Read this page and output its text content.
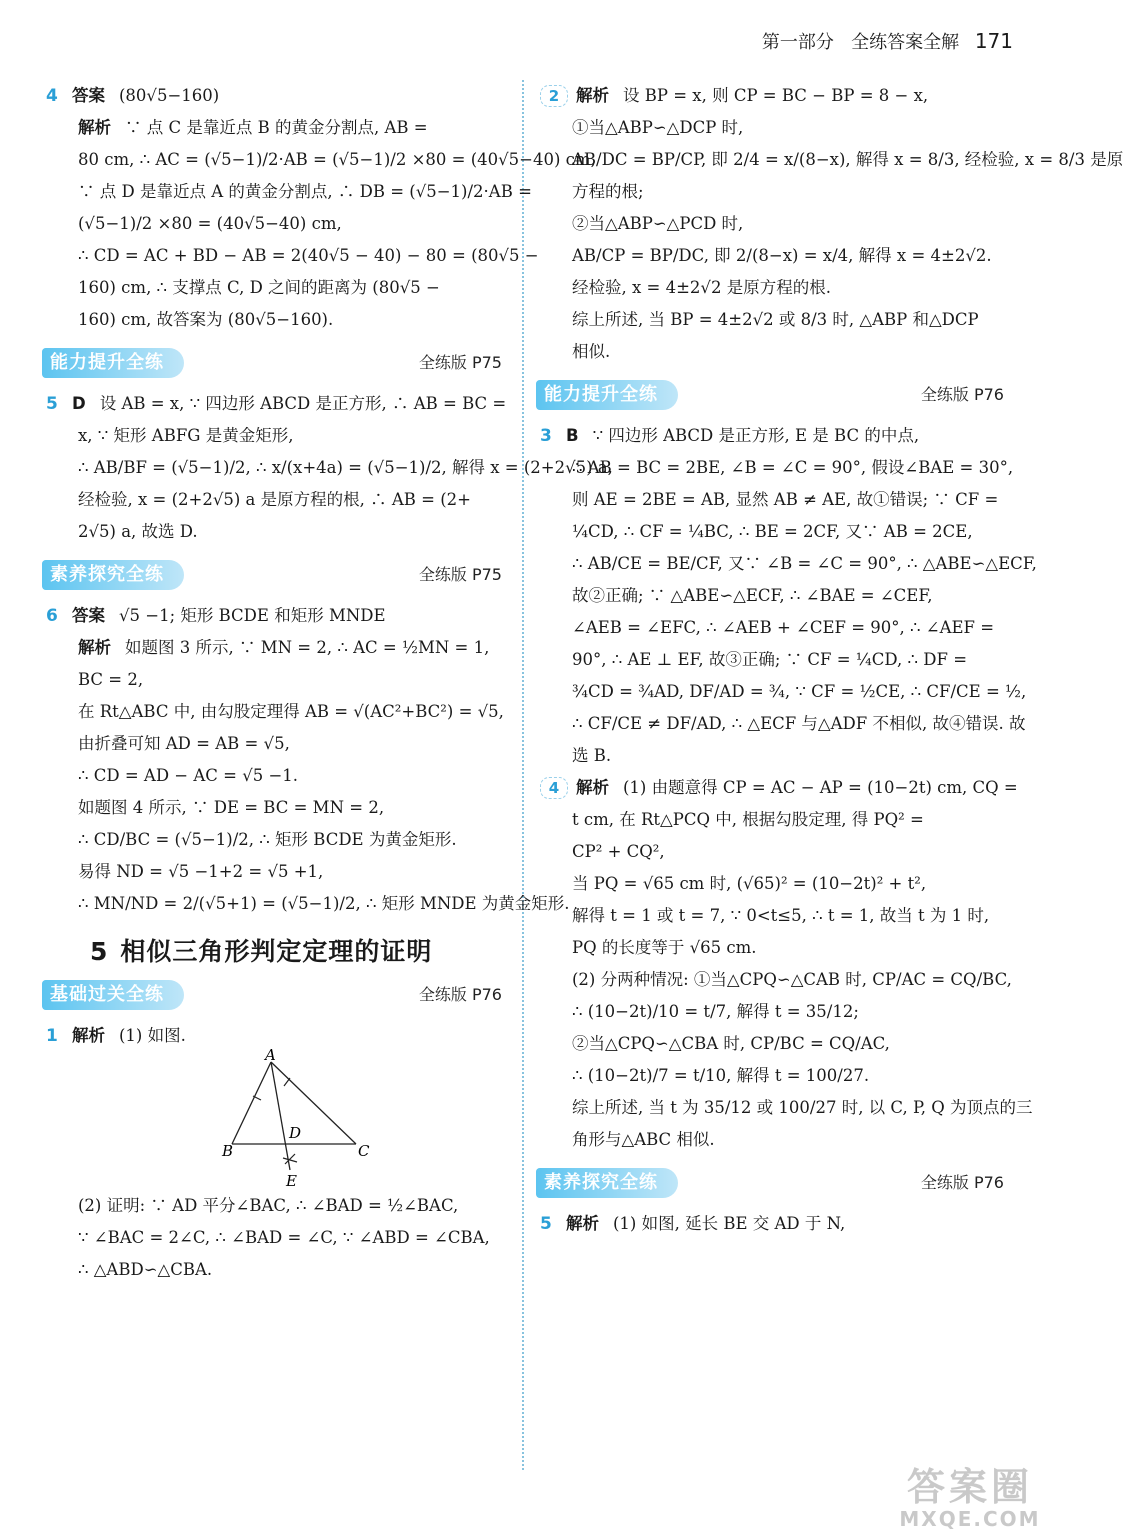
第一部分 全练答案全解 171
4 答案 (80√5−160)
解析 ∵ 点 C 是靠近点 B 的黄金分割点, AB =
80 cm, ∴ AC = (√5−1)/2·AB = (√5−1)/2 ×80 = (40√5−40) cm,
∵ 点 D 是靠近点 A 的黄金分割点, ∴ DB = (√5−1)/2·AB =
(√5−1)/2 ×80 = (40√5−40) cm,
∴ CD = AC + BD − AB = 2(40√5 − 40) − 80 = (80√5 −
160) cm, ∴ 支撑点 C, D 之间的距离为 (80√5 −
160) cm, 故答案为 (80√5−160).
能力提升全练	全练版 P75
5 D 设 AB = x, ∵ 四边形 ABCD 是正方形, ∴ AB = BC =
x, ∵ 矩形 ABFG 是黄金矩形,
∴ AB/BF = (√5−1)/2, ∴ x/(x+4a) = (√5−1)/2, 解得 x = (2+2√5) a,
经检验, x = (2+2√5) a 是原方程的根, ∴ AB = (2+
2√5) a, 故选 D.
素养探究全练	全练版 P75
6 答案 √5 −1; 矩形 BCDE 和矩形 MNDE
解析 如题图 3 所示, ∵ MN = 2, ∴ AC = ½MN = 1,
BC = 2,
在 Rt△ABC 中, 由勾股定理得 AB = √(AC²+BC²) = √5,
由折叠可知 AD = AB = √5,
∴ CD = AD − AC = √5 −1.
如题图 4 所示, ∵ DE = BC = MN = 2,
∴ CD/BC = (√5−1)/2, ∴ 矩形 BCDE 为黄金矩形.
易得 ND = √5 −1+2 = √5 +1,
∴ MN/ND = 2/(√5+1) = (√5−1)/2, ∴ 矩形 MNDE 为黄金矩形.
5 相似三角形判定定理的证明
基础过关全练	全练版 P76
1 解析 (1) 如图.
A
B	C
D
E
(2) 证明: ∵ AD 平分∠BAC, ∴ ∠BAD = ½∠BAC,
∵ ∠BAC = 2∠C, ∴ ∠BAD = ∠C, ∵ ∠ABD = ∠CBA,
∴ △ABD∽△CBA.
2 解析 设 BP = x, 则 CP = BC − BP = 8 − x,
①当△ABP∽△DCP 时,
AB/DC = BP/CP, 即 2/4 = x/(8−x), 解得 x = 8/3, 经检验, x = 8/3 是原
方程的根;
②当△ABP∽△PCD 时,
AB/CP = BP/DC, 即 2/(8−x) = x/4, 解得 x = 4±2√2.
经检验, x = 4±2√2 是原方程的根.
综上所述, 当 BP = 4±2√2 或 8/3 时, △ABP 和△DCP
相似.
能力提升全练	全练版 P76
3 B ∵ 四边形 ABCD 是正方形, E 是 BC 的中点,
∴ AB = BC = 2BE, ∠B = ∠C = 90°, 假设∠BAE = 30°,
则 AE = 2BE = AB, 显然 AB ≠ AE, 故①错误; ∵ CF =
¼CD, ∴ CF = ¼BC, ∴ BE = 2CF, 又∵ AB = 2CE,
∴ AB/CE = BE/CF, 又∵ ∠B = ∠C = 90°, ∴ △ABE∽△ECF,
故②正确; ∵ △ABE∽△ECF, ∴ ∠BAE = ∠CEF,
∠AEB = ∠EFC, ∴ ∠AEB + ∠CEF = 90°, ∴ ∠AEF =
90°, ∴ AE ⊥ EF, 故③正确; ∵ CF = ¼CD, ∴ DF =
¾CD = ¾AD, DF/AD = ¾, ∵ CF = ½CE, ∴ CF/CE = ½,
∴ CF/CE ≠ DF/AD, ∴ △ECF 与△ADF 不相似, 故④错误. 故
选 B.
4 解析 (1) 由题意得 CP = AC − AP = (10−2t) cm, CQ =
t cm, 在 Rt△PCQ 中, 根据勾股定理, 得 PQ² =
CP² + CQ²,
当 PQ = √65 cm 时, (√65)² = (10−2t)² + t²,
解得 t = 1 或 t = 7, ∵ 0<t≤5, ∴ t = 1, 故当 t 为 1 时,
PQ 的长度等于 √65 cm.
(2) 分两种情况: ①当△CPQ∽△CAB 时, CP/AC = CQ/BC,
∴ (10−2t)/10 = t/7, 解得 t = 35/12;
②当△CPQ∽△CBA 时, CP/BC = CQ/AC,
∴ (10−2t)/7 = t/10, 解得 t = 100/27.
综上所述, 当 t 为 35/12 或 100/27 时, 以 C, P, Q 为顶点的三
角形与△ABC 相似.
素养探究全练	全练版 P76
5 解析 (1) 如图, 延长 BE 交 AD 于 N,
答案圈
MXQE.COM
